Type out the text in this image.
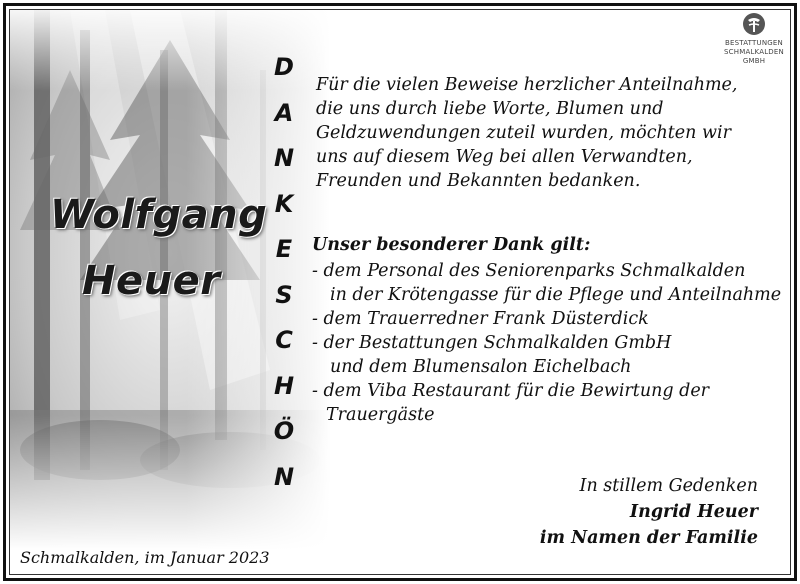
Wolfgang
Heuer
D
A
N
K
E
S
C
H
Ö
N
BESTATTUNGEN
SCHMALKALDEN
GMBH
Für die vielen Beweise herzlicher Anteilnahme,
die uns durch liebe Worte, Blumen und
Geldzuwendungen zuteil wurden, möchten wir
uns auf diesem Weg bei allen Verwandten,
Freunden und Bekannten bedanken.
Unser besonderer Dank gilt:
- dem Personal des Seniorenparks Schmalkalden
in der Krötengasse für die Pflege und Anteilnahme
- dem Trauerredner Frank Düsterdick
- der Bestattungen Schmalkalden GmbH
und dem Blumensalon Eichelbach
- dem Viba Restaurant für die Bewirtung der
Trauergäste
In stillem Gedenken
Ingrid Heuer
im Namen der Familie
Schmalkalden, im Januar 2023
